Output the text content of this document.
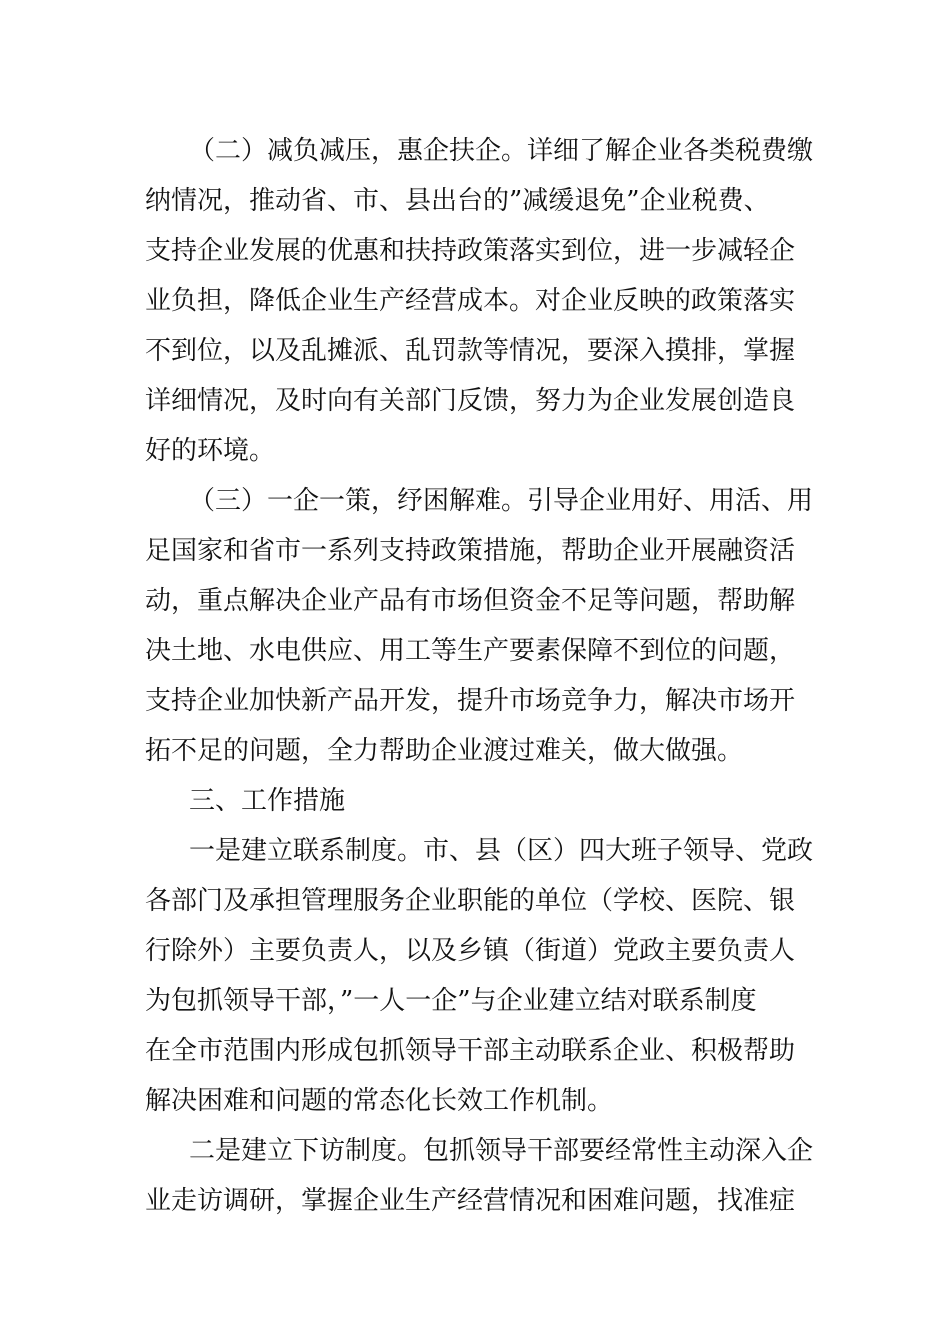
（二）减负减压，惠企扶企。详细了解企业各类税费缴
纳情况，推动省、市、县出台的”减缓退免”企业税费、
支持企业发展的优惠和扶持政策落实到位，进一步减轻企
业负担，降低企业生产经营成本。对企业反映的政策落实
不到位，以及乱摊派、乱罚款等情况，要深入摸排，掌握
详细情况，及时向有关部门反馈，努力为企业发展创造良
好的环境。
（三）一企一策，纾困解难。引导企业用好、用活、用
足国家和省市一系列支持政策措施，帮助企业开展融资活
动，重点解决企业产品有市场但资金不足等问题，帮助解
决土地、水电供应、用工等生产要素保障不到位的问题，
支持企业加快新产品开发，提升市场竞争力，解决市场开
拓不足的问题，全力帮助企业渡过难关，做大做强。
三、工作措施
一是建立联系制度。市、县（区）四大班子领导、党政
各部门及承担管理服务企业职能的单位（学校、医院、银
行除外）主要负责人，以及乡镇（街道）党政主要负责人
为包抓领导干部，”一人一企”与企业建立结对联系制度
在全市范围内形成包抓领导干部主动联系企业、积极帮助
解决困难和问题的常态化长效工作机制。
二是建立下访制度。包抓领导干部要经常性主动深入企
业走访调研，掌握企业生产经营情况和困难问题，找准症
